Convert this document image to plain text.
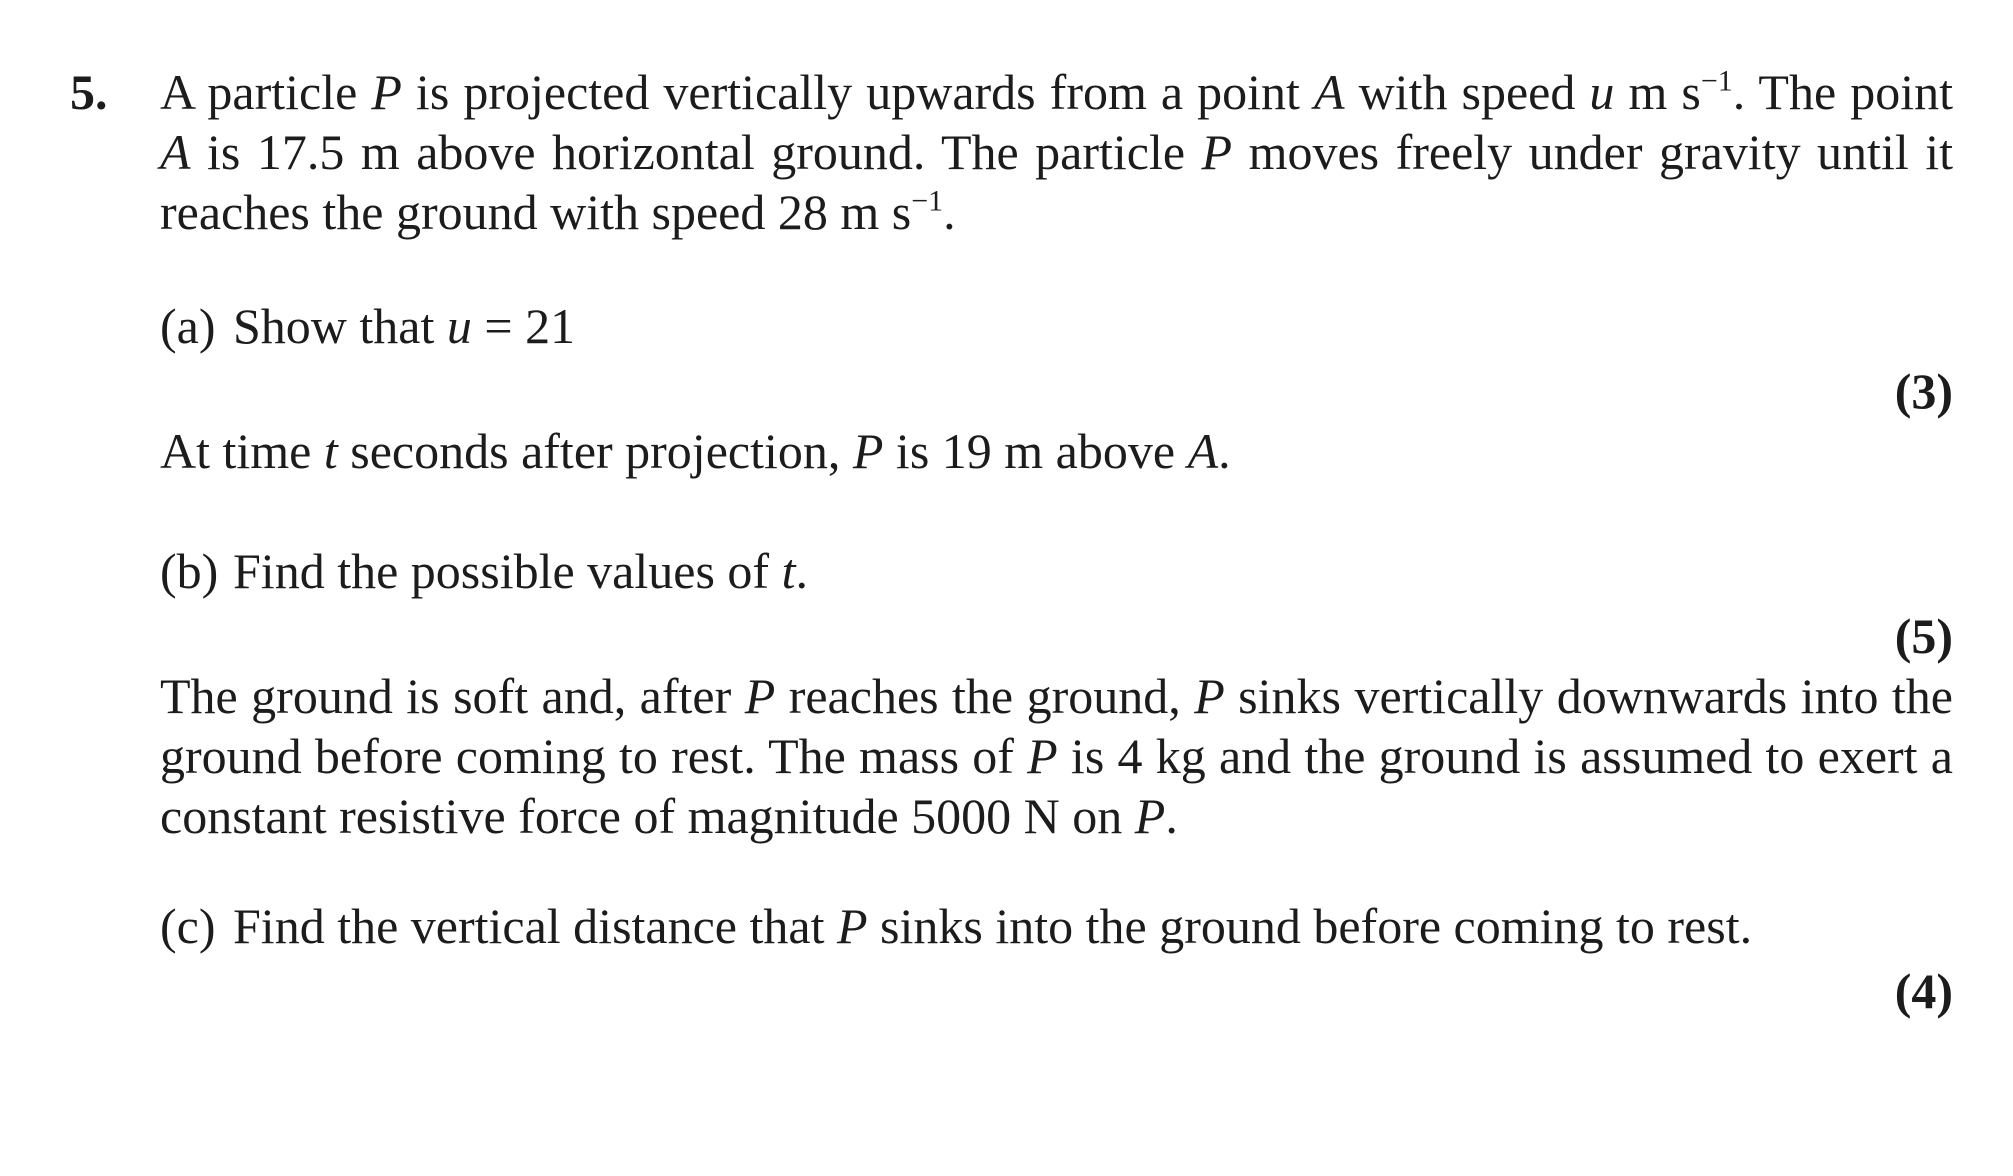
5. A particle P is projected vertically upwards from a point A with speed u m $s^{-1}$. The point A is 17.5 m above horizontal ground. The particle P moves freely under gravity until it reaches the ground with speed 28 m $s^{-1}$.

(a) Show that u = 21

(3)

At time t seconds after projection, P is 19 m above A.

(b) Find the possible values of t.

(5)

The ground is soft and, after P reaches the ground, P sinks vertically downwards into the ground before coming to rest. The mass of P is 4 kg and the ground is assumed to exert a constant resistive force of magnitude 5000 N on P.

(c) Find the vertical distance that P sinks into the ground before coming to rest.

(4)
